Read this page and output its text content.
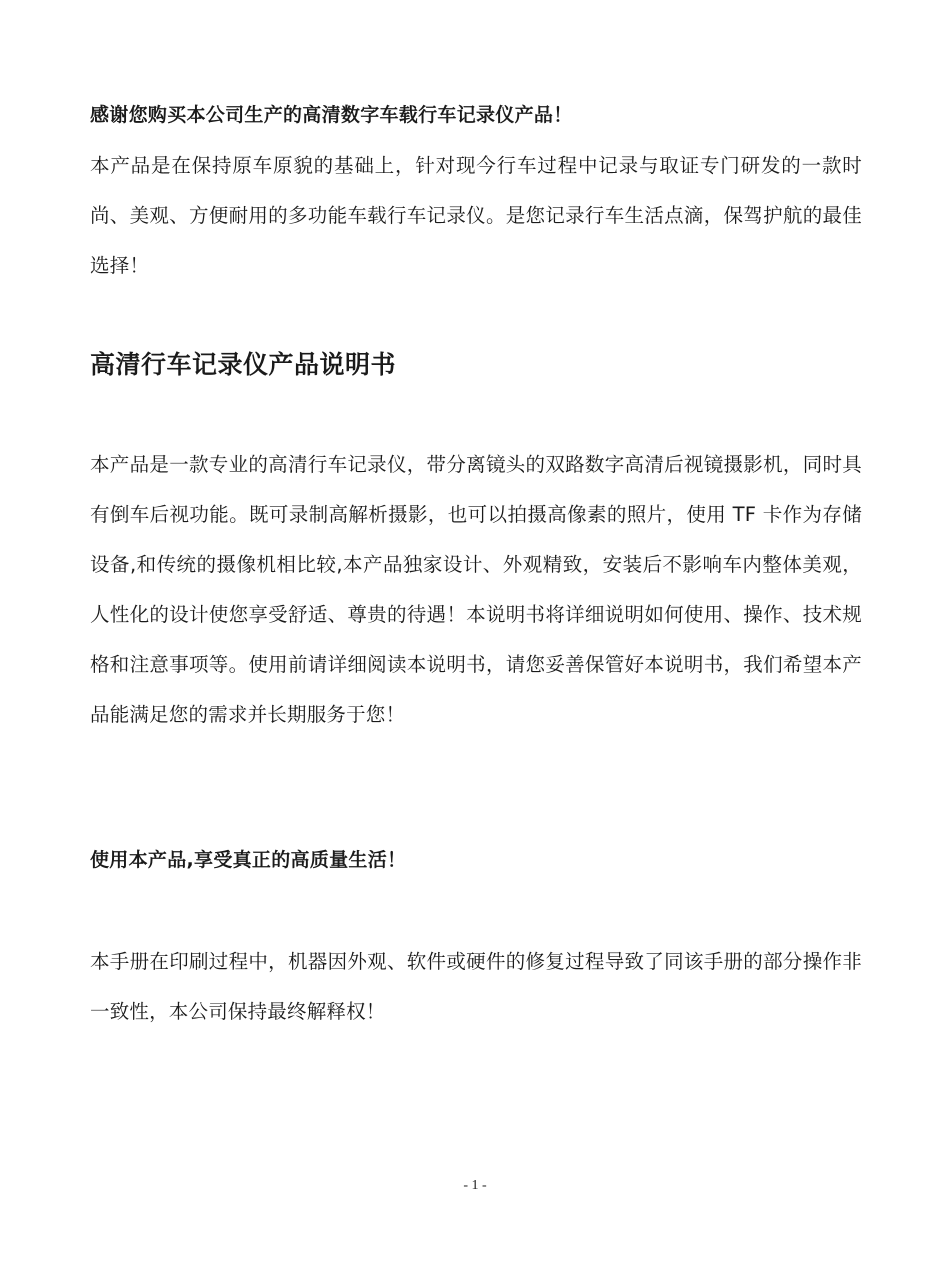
感谢您购买本公司生产的高清数字车载行车记录仪产品！

本产品是在保持原车原貌的基础上，针对现今行车过程中记录与取证专门研发的一款时尚、美观、方便耐用的多功能车载行车记录仪。是您记录行车生活点滴，保驾护航的最佳选择！

高清行车记录仪产品说明书

本产品是一款专业的高清行车记录仪，带分离镜头的双路数字高清后视镜摄影机，同时具有倒车后视功能。既可录制高解析摄影，也可以拍摄高像素的照片，使用 TF 卡作为存储设备,和传统的摄像机相比较,本产品独家设计、外观精致，安装后不影响车内整体美观，人性化的设计使您享受舒适、尊贵的待遇！本说明书将详细说明如何使用、操作、技术规格和注意事项等。使用前请详细阅读本说明书，请您妥善保管好本说明书，我们希望本产品能满足您的需求并长期服务于您！

使用本产品,享受真正的高质量生活！

本手册在印刷过程中，机器因外观、软件或硬件的修复过程导致了同该手册的部分操作非一致性，本公司保持最终解释权！

- 1 -
